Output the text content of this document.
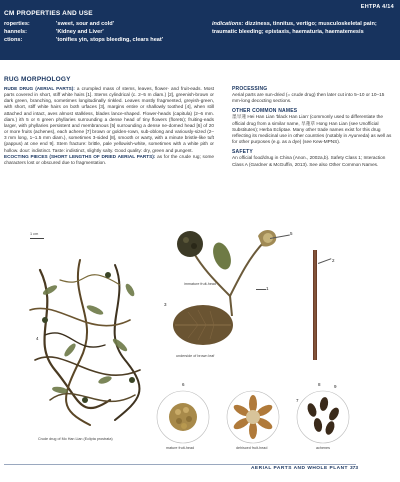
EHTPA 4/14
CM PROPERTIES AND USE
roperties:	'sweet, sour and cold'
hannels:	'Kidney and Liver'
ctions:	'tonifies yin, stops bleeding, clears heat'
indications: dizziness, tinnitus, vertigo; musculoskeletal pain; traumatic bleeding; epistaxis, haematuria, haematemesis
RUG MORPHOLOGY

RUDE DRUG (AERIAL PARTS): a crumpled mass of stems, leaves, flower- and fruit-eads. Most parts covered in short, stiff white hairs [1]. Stems cylindrical (c. 2–5 m diam.) [2], greenish-brown or dark green, branching, sometimes longitudinally rinkled. Leaves mostly fragmented, greyish-green, with short, stiff white hairs on both urfaces [3], margins entire or shallowly toothed [4], when still attached and intact, aves almost stalkless, blades lance-shaped. Flower-heads (capitula) (2–6 mm. diam.) ith 5 or 6 green phyllaries surrounding a dense head of tiny flowers (florets); fruiting-eads larger, with phyllaries persistent and membranous [5] surrounding a dense ne-domed head [6] of 20 or more fruits (achenes), each achene [7] brown or golden-rown, sub-oblong and variously-sized (2–3 mm long, 1–1.5 mm diam.), sometimes 3-sided [8], smooth or warty, with a minute bristle-like tuft (pappus) at one end 9]. Stem fracture: brittle, pale yellowish-white, sometimes with a white pith or hollow. dour: indistinct. Taste: indistinct, slightly salty. Good quality: dry, green and pungent.

ECOCTING PIECES (SHORT LENGTHS OF DRIED AERIAL PARTS): as for the crude rug; some characters lost or obscured due to fragmentation.

PROCESSING

Aerial parts are sun-dried (= crude drug) then later cut into 5–10 or 10–15 mm-long decocting sections.

OTHER COMMON NAMES

墨旱蓮 Hei Han Lian 'black Han Lian' (commonly used to differentiate the official drug from a similar name, 旱蓮草 Hong Han Lian (see Unofficial Substitutes); Herba Ecliptae. Many other trade names exist for this drug reflecting its medicinal use in other countries (notably in Ayurveda) as well as for other purposes (e.g. as a dye) (see Kew-MPNS).

SAFETY

An official food/drug in China (Anon., 2002a,b). Safety Class 1; Interaction Class A (Gardner & McGuffin, 2013). See also Other Common Names.

1 cm
Crude drug of Mo Han Lian (Eclipta prostrata)
immature fruit-head
underside of brown leaf
mature fruit-head	dehisced fruit-head	achenes
1
2
3
4
5
6
7
8	9
AERIAL PARTS AND WHOLE PLANT 373
